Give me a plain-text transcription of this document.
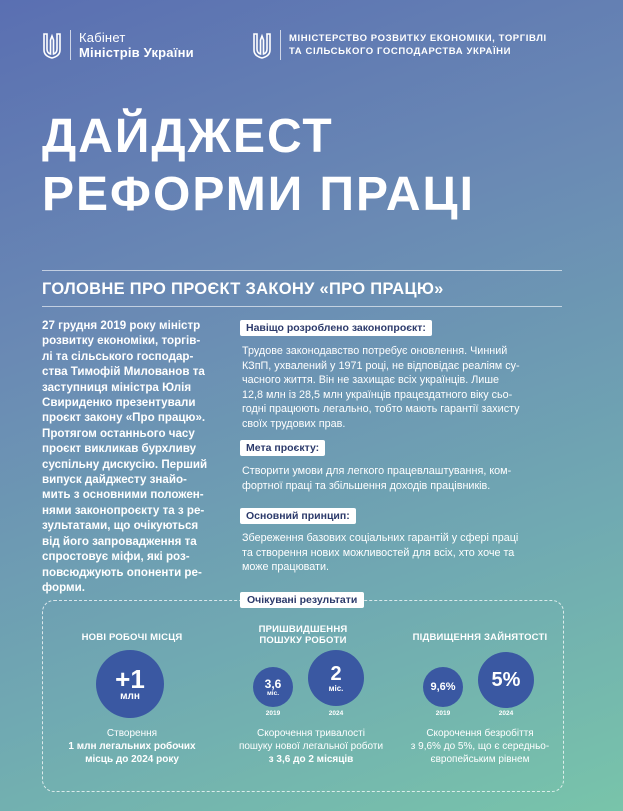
Кабінет
Міністрів України
МІНІСТЕРСТВО РОЗВИТКУ ЕКОНОМІКИ, ТОРГІВЛІ
ТА СІЛЬСЬКОГО ГОСПОДАРСТВА УКРАЇНИ
ДАЙДЖЕСТ
РЕФОРМИ ПРАЦІ
ГОЛОВНЕ ПРО ПРОЄКТ ЗАКОНУ «ПРО ПРАЦЮ»
27 грудня 2019 року міністр
розвитку економіки, торгів-
лі та сільського господар-
ства Тимофій Милованов та
заступниця міністра Юлія
Свириденко презентували
проєкт закону «Про працю».
Протягом останнього часу
проєкт викликав бурхливу
суспільну дискусію. Перший
випуск дайджесту знайо-
мить з основними положен-
нями законопроєкту та з ре-
зультатами, що очікуються
від його запровадження та
спростовує міфи, які роз-
повсюджують опоненти ре-
форми.
Навіщо розроблено законопроєкт:
Трудове законодавство потребує оновлення. Чинний
КЗпП, ухвалений у 1971 році, не відповідає реаліям су-
часного життя. Він не захищає всіх українців. Лише
12,8 млн із 28,5 млн українців працездатного віку сьо-
годні працюють легально, тобто мають гарантії захисту
своїх трудових прав.
Мета проєкту:
Створити умови для легкого працевлаштування, ком-
фортної праці та збільшення доходів працівників.
Основний принцип:
Збереження базових соціальних гарантій у сфері праці
та створення нових можливостей для всіх, хто хоче та
може працювати.
Очікувані результати
НОВІ РОБОЧІ МІСЦЯ
+1
млн
Створення
1 млн легальних робочих
місць до 2024 року
ПРИШВИДШЕННЯ
ПОШУКУ РОБОТИ
3,6
міс.
2019
2
міс.
2024
Скорочення тривалості
пошуку нової легальної роботи
з 3,6 до 2 місяців
ПІДВИЩЕННЯ ЗАЙНЯТОСТІ
9,6%
2019
5%
2024
Скорочення безробіття
з 9,6% до 5%, що є середньо-
європейським рівнем
